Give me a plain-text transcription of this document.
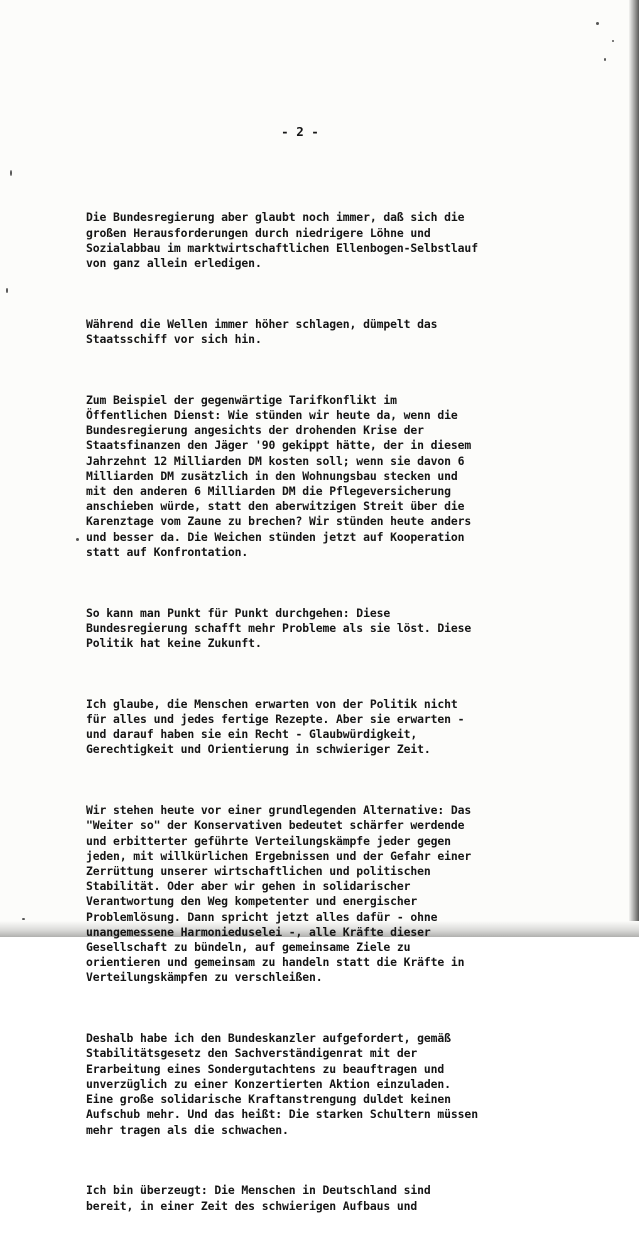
- 2 -

Die Bundesregierung aber glaubt noch immer, daß sich die
großen Herausforderungen durch niedrigere Löhne und
Sozialabbau im marktwirtschaftlichen Ellenbogen-Selbstlauf
von ganz allein erledigen.

Während die Wellen immer höher schlagen, dümpelt das
Staatsschiff vor sich hin.

Zum Beispiel der gegenwärtige Tarifkonflikt im
Öffentlichen Dienst: Wie stünden wir heute da, wenn die
Bundesregierung angesichts der drohenden Krise der
Staatsfinanzen den Jäger '90 gekippt hätte, der in diesem
Jahrzehnt 12 Milliarden DM kosten soll; wenn sie davon 6
Milliarden DM zusätzlich in den Wohnungsbau stecken und
mit den anderen 6 Milliarden DM die Pflegeversicherung
anschieben würde, statt den aberwitzigen Streit über die
Karenztage vom Zaune zu brechen? Wir stünden heute anders
und besser da. Die Weichen stünden jetzt auf Kooperation
statt auf Konfrontation.

So kann man Punkt für Punkt durchgehen: Diese
Bundesregierung schafft mehr Probleme als sie löst. Diese
Politik hat keine Zukunft.

Ich glaube, die Menschen erwarten von der Politik nicht
für alles und jedes fertige Rezepte. Aber sie erwarten -
und darauf haben sie ein Recht - Glaubwürdigkeit,
Gerechtigkeit und Orientierung in schwieriger Zeit.

Wir stehen heute vor einer grundlegenden Alternative: Das
"Weiter so" der Konservativen bedeutet schärfer werdende
und erbitterter geführte Verteilungskämpfe jeder gegen
jeden, mit willkürlichen Ergebnissen und der Gefahr einer
Zerrüttung unserer wirtschaftlichen und politischen
Stabilität. Oder aber wir gehen in solidarischer
Verantwortung den Weg kompetenter und energischer
Problemlösung. Dann spricht jetzt alles dafür - ohne
unangemessene Harmonieduselei -, alle Kräfte dieser
Gesellschaft zu bündeln, auf gemeinsame Ziele zu
orientieren und gemeinsam zu handeln statt die Kräfte in
Verteilungskämpfen zu verschleißen.

Deshalb habe ich den Bundeskanzler aufgefordert, gemäß
Stabilitätsgesetz den Sachverständigenrat mit der
Erarbeitung eines Sondergutachtens zu beauftragen und
unverzüglich zu einer Konzertierten Aktion einzuladen.
Eine große solidarische Kraftanstrengung duldet keinen
Aufschub mehr. Und das heißt: Die starken Schultern müssen
mehr tragen als die schwachen.

Ich bin überzeugt: Die Menschen in Deutschland sind
bereit, in einer Zeit des schwierigen Aufbaus und
